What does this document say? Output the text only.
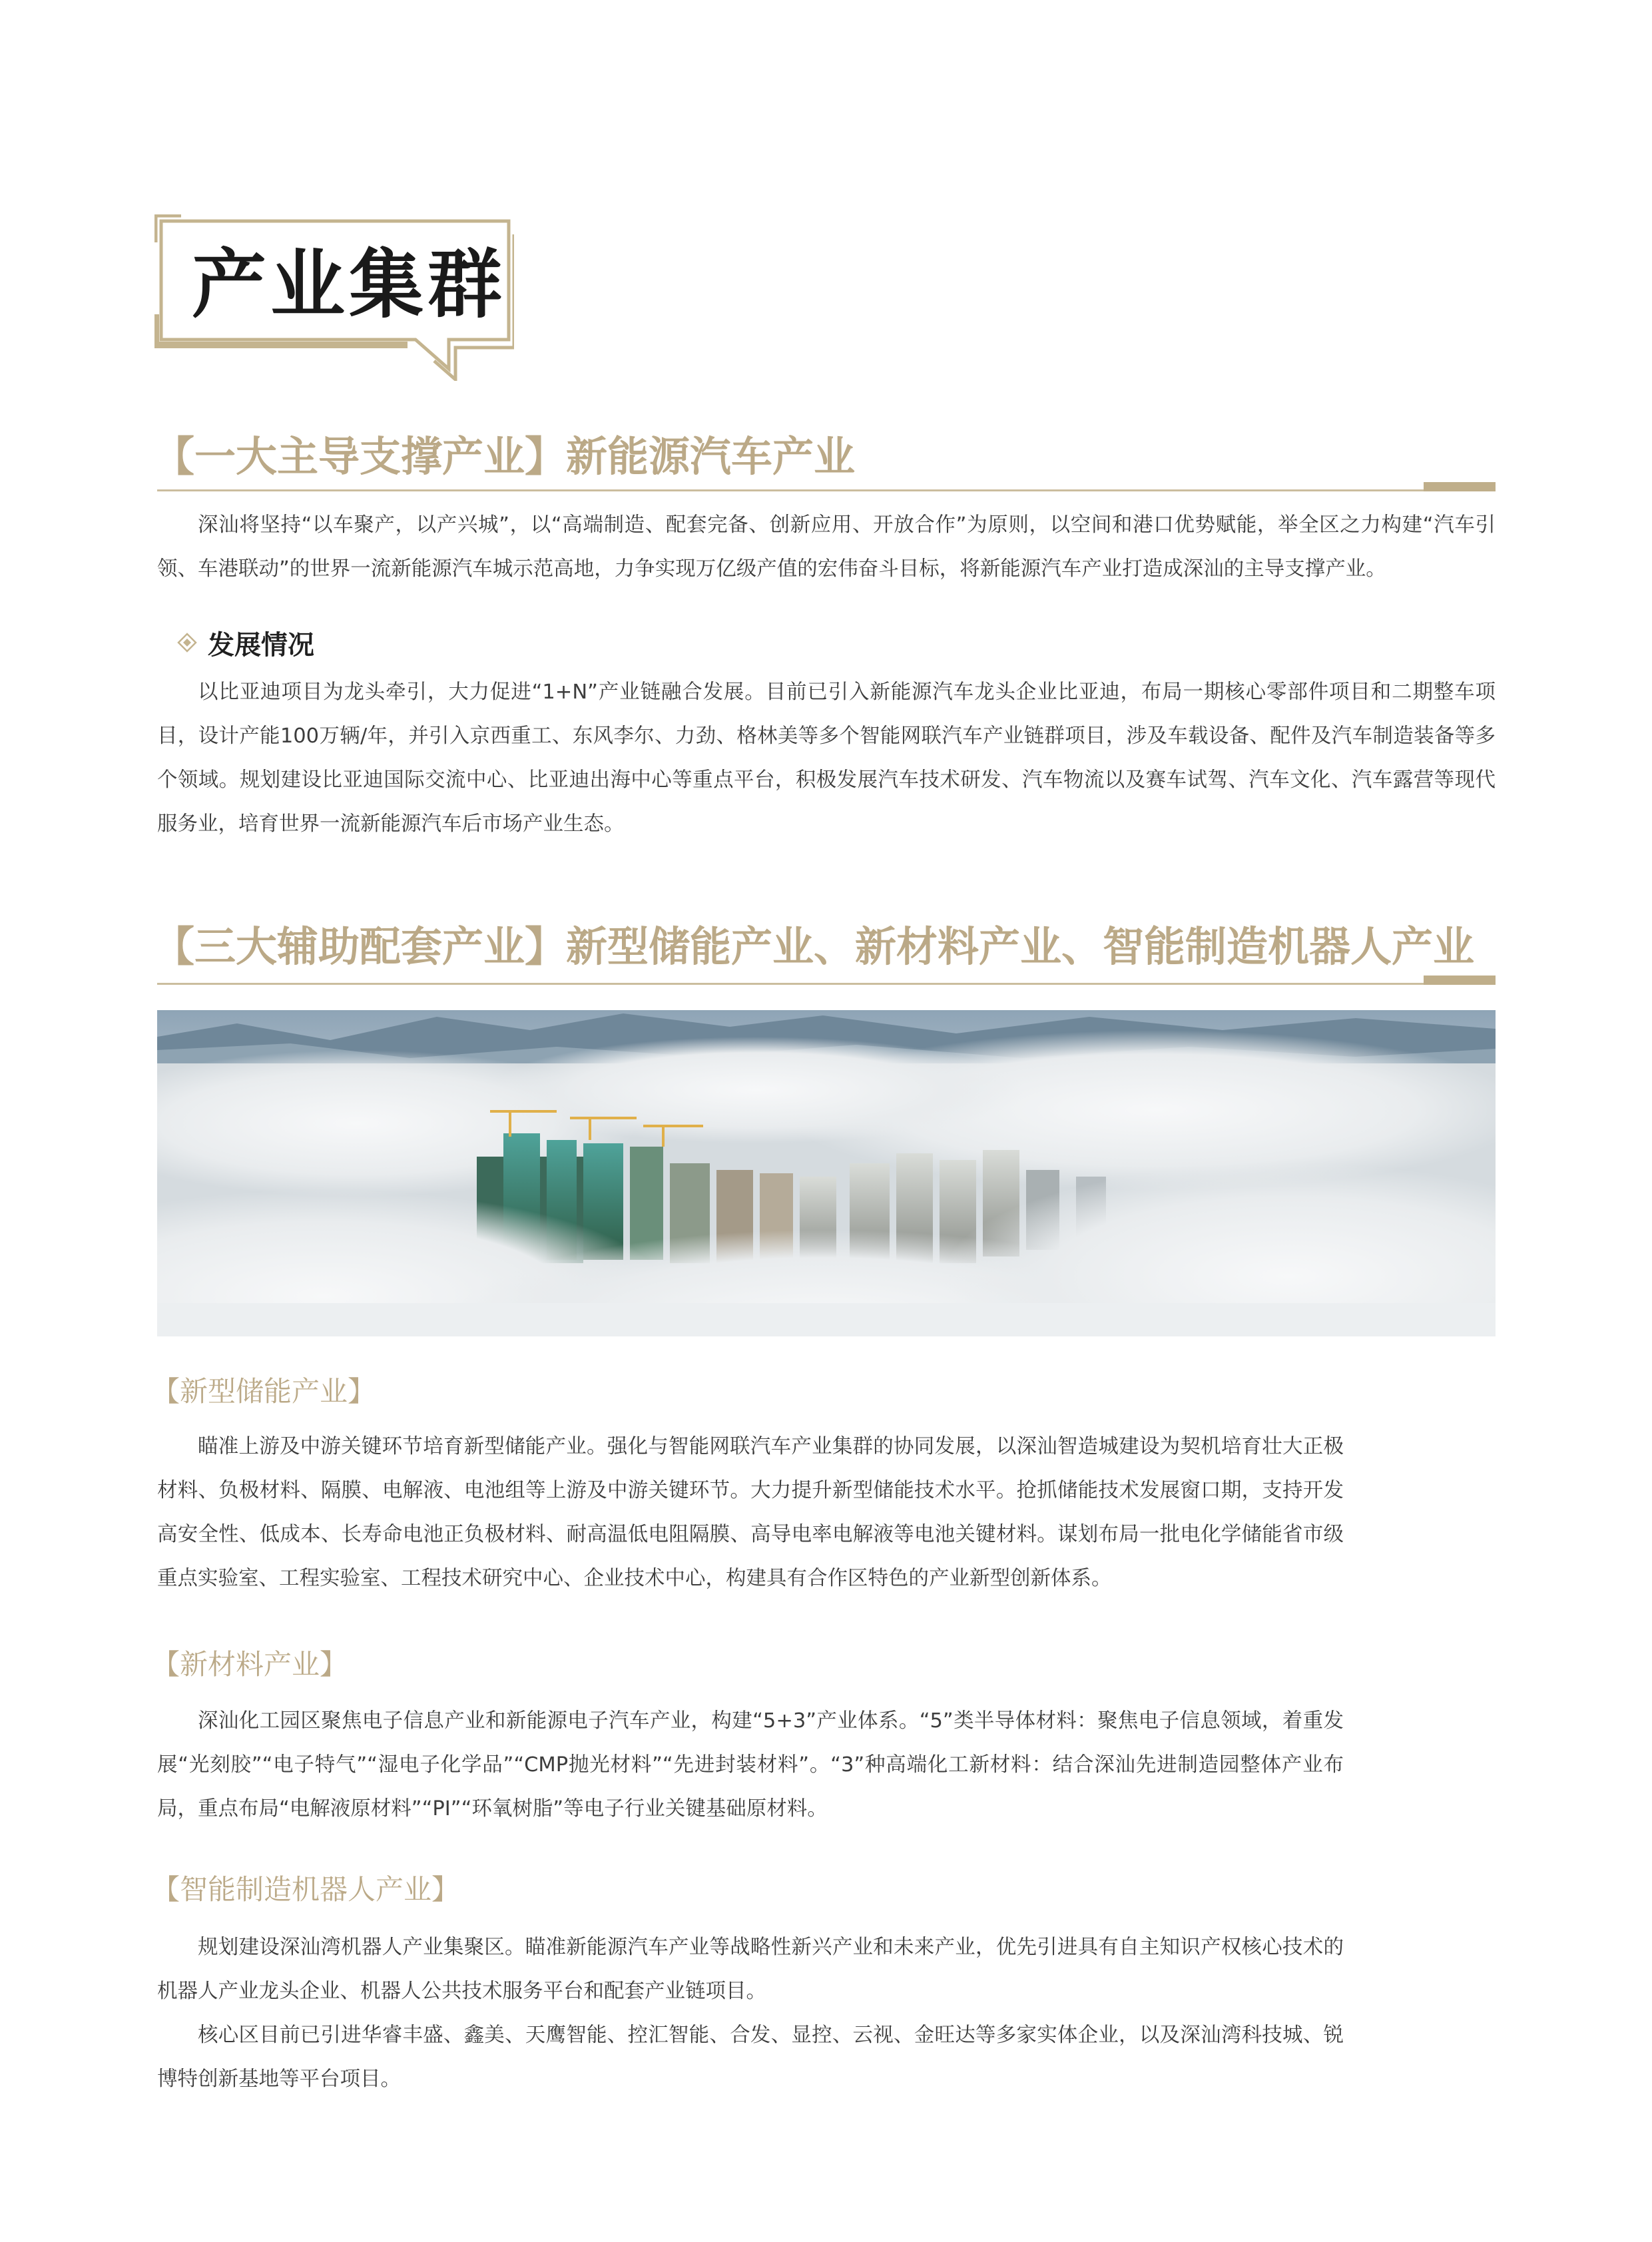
产业集群
【一大主导支撑产业】新能源汽车产业
深汕将坚持“以车聚产，以产兴城”，以“高端制造、配套完备、创新应用、开放合作”为原则，以空间和港口优势赋能，举全区之力构建“汽车引领、车港联动”的世界一流新能源汽车城示范高地，力争实现万亿级产值的宏伟奋斗目标，将新能源汽车产业打造成深汕的主导支撑产业。
发展情况
以比亚迪项目为龙头牵引，大力促进“1+N”产业链融合发展。目前已引入新能源汽车龙头企业比亚迪，布局一期核心零部件项目和二期整车项目，设计产能100万辆/年，并引入京西重工、东风李尔、力劲、格林美等多个智能网联汽车产业链群项目，涉及车载设备、配件及汽车制造装备等多个领域。规划建设比亚迪国际交流中心、比亚迪出海中心等重点平台，积极发展汽车技术研发、汽车物流以及赛车试驾、汽车文化、汽车露营等现代服务业，培育世界一流新能源汽车后市场产业生态。
【三大辅助配套产业】新型储能产业、新材料产业、智能制造机器人产业
【新型储能产业】
瞄准上游及中游关键环节培育新型储能产业。强化与智能网联汽车产业集群的协同发展，以深汕智造城建设为契机培育壮大正极材料、负极材料、隔膜、电解液、电池组等上游及中游关键环节。大力提升新型储能技术水平。抢抓储能技术发展窗口期，支持开发高安全性、低成本、长寿命电池正负极材料、耐高温低电阻隔膜、高导电率电解液等电池关键材料。谋划布局一批电化学储能省市级重点实验室、工程实验室、工程技术研究中心、企业技术中心，构建具有合作区特色的产业新型创新体系。
【新材料产业】
深汕化工园区聚焦电子信息产业和新能源电子汽车产业，构建“5+3”产业体系。“5”类半导体材料：聚焦电子信息领域，着重发展“光刻胶”“电子特气”“湿电子化学品”“CMP抛光材料”“先进封装材料”。“3”种高端化工新材料：结合深汕先进制造园整体产业布局，重点布局“电解液原材料”“PI”“环氧树脂”等电子行业关键基础原材料。
【智能制造机器人产业】
规划建设深汕湾机器人产业集聚区。瞄准新能源汽车产业等战略性新兴产业和未来产业，优先引进具有自主知识产权核心技术的机器人产业龙头企业、机器人公共技术服务平台和配套产业链项目。
核心区目前已引进华睿丰盛、鑫美、天鹰智能、控汇智能、合发、显控、云视、金旺达等多家实体企业，以及深汕湾科技城、锐博特创新基地等平台项目。
